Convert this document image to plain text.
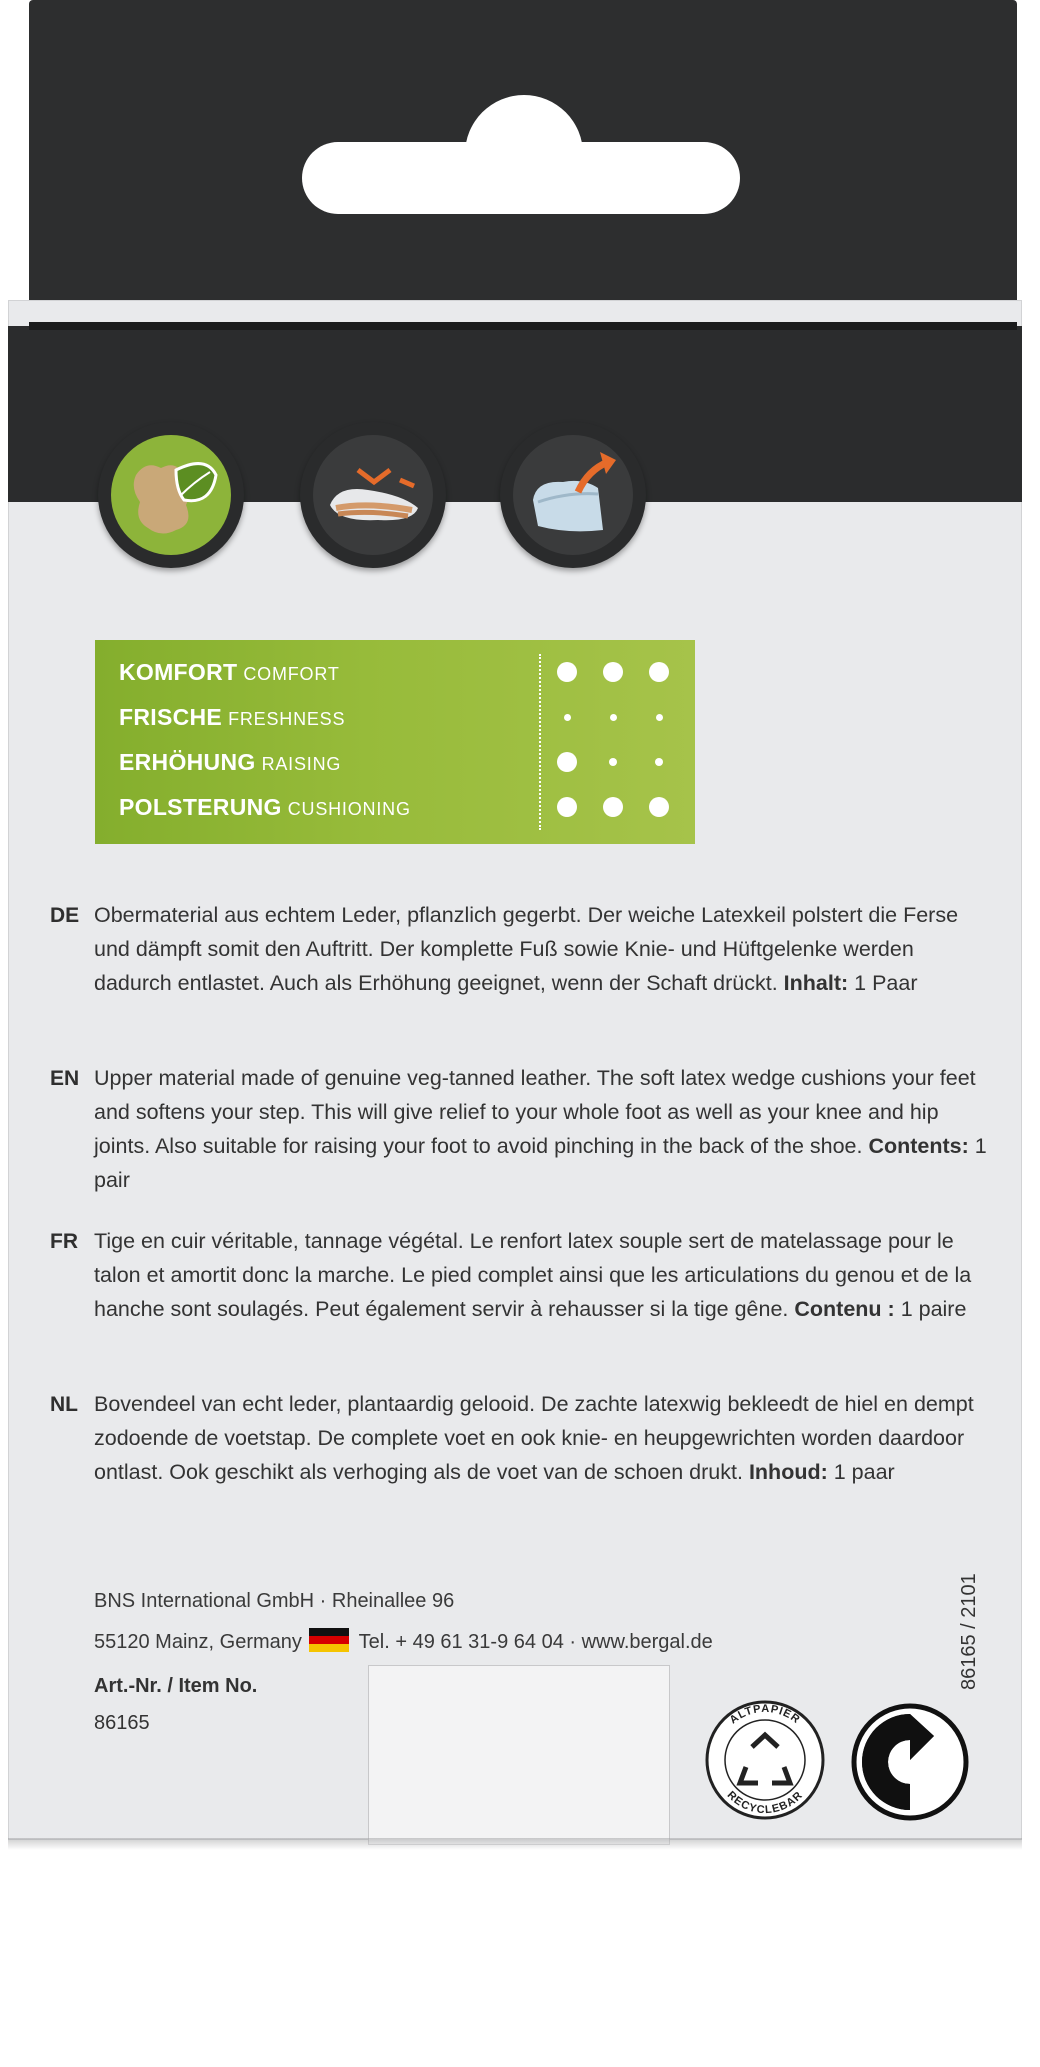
KOMFORT COMFORT
FRISCHE FRESHNESS
ERHÖHUNG RAISING
POLSTERUNG CUSHIONING
DE Obermaterial aus echtem Leder, pflanzlich gegerbt. Der weiche Latexkeil polstert die Ferse und dämpft somit den Auftritt. Der komplette Fuß sowie Knie- und Hüftgelenke werden dadurch entlastet. Auch als Erhöhung geeignet, wenn der Schaft drückt. Inhalt: 1 Paar
EN Upper material made of genuine veg-tanned leather. The soft latex wedge cushions your feet and softens your step. This will give relief to your whole foot as well as your knee and hip joints. Also suitable for raising your foot to avoid pinching in the back of the shoe. Contents: 1 pair
FR Tige en cuir véritable, tannage végétal. Le renfort latex souple sert de matelassage pour le talon et amortit donc la marche. Le pied complet ainsi que les articulations du genou et de la hanche sont soulagés. Peut également servir à rehausser si la tige gêne. Contenu : 1 paire
NL Bovendeel van echt leder, plantaardig gelooid. De zachte latexwig bekleedt de hiel en dempt zodoende de voetstap. De complete voet en ook knie- en heupgewrichten worden daardoor ontlast. Ook geschikt als verhoging als de voet van de schoen drukt. Inhoud: 1 paar
BNS International GmbH · Rheinallee 96
55120 Mainz, Germany	Tel. + 49 61 31-9 64 04 · www.bergal.de
Art.-Nr. / Item No.
86165
86165 / 2101
ALTPAPIER
RECYCLEBAR
